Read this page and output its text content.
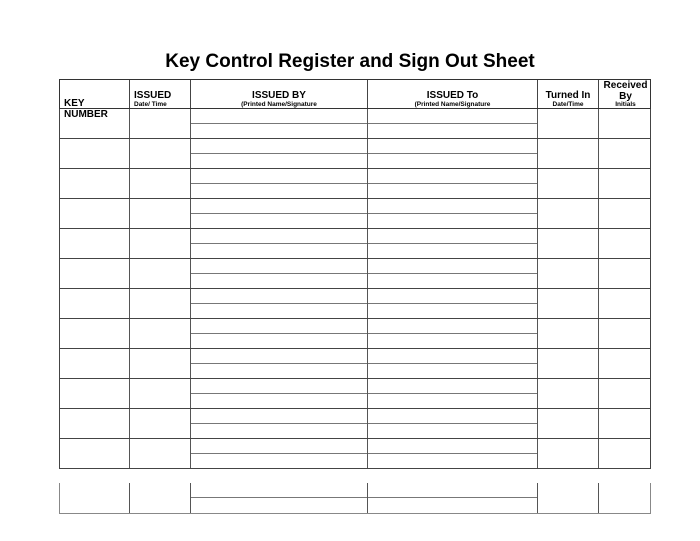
Key Control Register and Sign Out Sheet
KEY NUMBER
ISSUED
Date/ Time
ISSUED BY
(Printed Name/Signature
ISSUED To
(Printed Name/Signature
Turned In
Date/Time
Received
By
Initials
